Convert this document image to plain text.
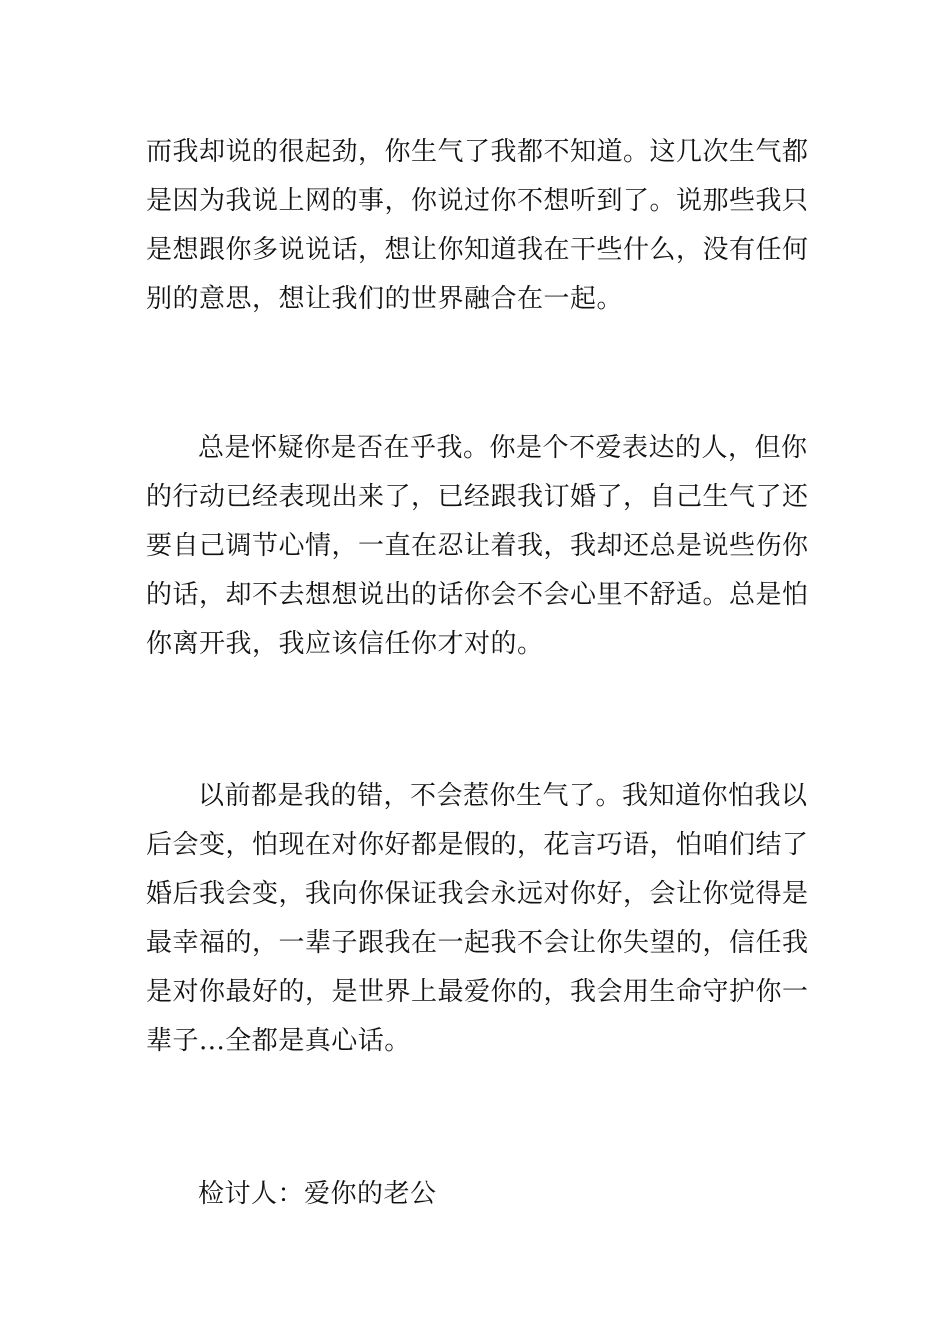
而我却说的很起劲，你生气了我都不知道。这几次生气都
是因为我说上网的事，你说过你不想听到了。说那些我只
是想跟你多说说话，想让你知道我在干些什么，没有任何
别的意思，想让我们的世界融合在一起。
总是怀疑你是否在乎我。你是个不爱表达的人，但你
的行动已经表现出来了，已经跟我订婚了，自己生气了还
要自己调节心情，一直在忍让着我，我却还总是说些伤你
的话，却不去想想说出的话你会不会心里不舒适。总是怕
你离开我，我应该信任你才对的。
以前都是我的错，不会惹你生气了。我知道你怕我以
后会变，怕现在对你好都是假的，花言巧语，怕咱们结了
婚后我会变，我向你保证我会永远对你好，会让你觉得是
最幸福的，一辈子跟我在一起我不会让你失望的，信任我
是对你最好的，是世界上最爱你的，我会用生命守护你一
辈子...全都是真心话。
检讨人：爱你的老公
